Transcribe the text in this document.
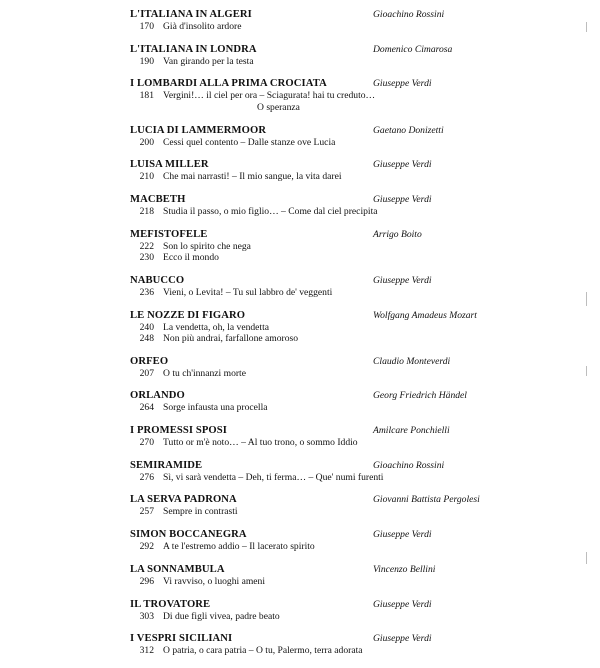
L'ITALIANA IN ALGERI	Gioachino Rossini
170 Già d'insolito ardore
L'ITALIANA IN LONDRA	Domenico Cimarosa
190 Van girando per la testa
I LOMBARDI ALLA PRIMA CROCIATA	Giuseppe Verdi
181 Vergini!… il ciel per ora – Sciagurata! hai tu creduto…
O speranza
LUCIA DI LAMMERMOOR	Gaetano Donizetti
200 Cessi quel contento – Dalle stanze ove Lucia
LUISA MILLER	Giuseppe Verdi
210 Che mai narrasti! – Il mio sangue, la vita darei
MACBETH	Giuseppe Verdi
218 Studia il passo, o mio figlio… – Come dal ciel precipita
MEFISTOFELE	Arrigo Boito
222 Son lo spirito che nega
230 Ecco il mondo
NABUCCO	Giuseppe Verdi
236 Vieni, o Levita! – Tu sul labbro de' veggenti
LE NOZZE DI FIGARO	Wolfgang Amadeus Mozart
240 La vendetta, oh, la vendetta
248 Non più andrai, farfallone amoroso
ORFEO	Claudio Monteverdi
207 O tu ch'innanzi morte
ORLANDO	Georg Friedrich Händel
264 Sorge infausta una procella
I PROMESSI SPOSI	Amilcare Ponchielli
270 Tutto or m'è noto… – Al tuo trono, o sommo Iddio
SEMIRAMIDE	Gioachino Rossini
276 Sì, vi sarà vendetta – Deh, ti ferma… – Que' numi furenti
LA SERVA PADRONA	Giovanni Battista Pergolesi
257 Sempre in contrasti
SIMON BOCCANEGRA	Giuseppe Verdi
292 A te l'estremo addio – Il lacerato spirito
LA SONNAMBULA	Vincenzo Bellini
296 Vi ravviso, o luoghi ameni
IL TROVATORE	Giuseppe Verdi
303 Di due figli vivea, padre beato
I VESPRI SICILIANI	Giuseppe Verdi
312 O patria, o cara patria – O tu, Palermo, terra adorata
